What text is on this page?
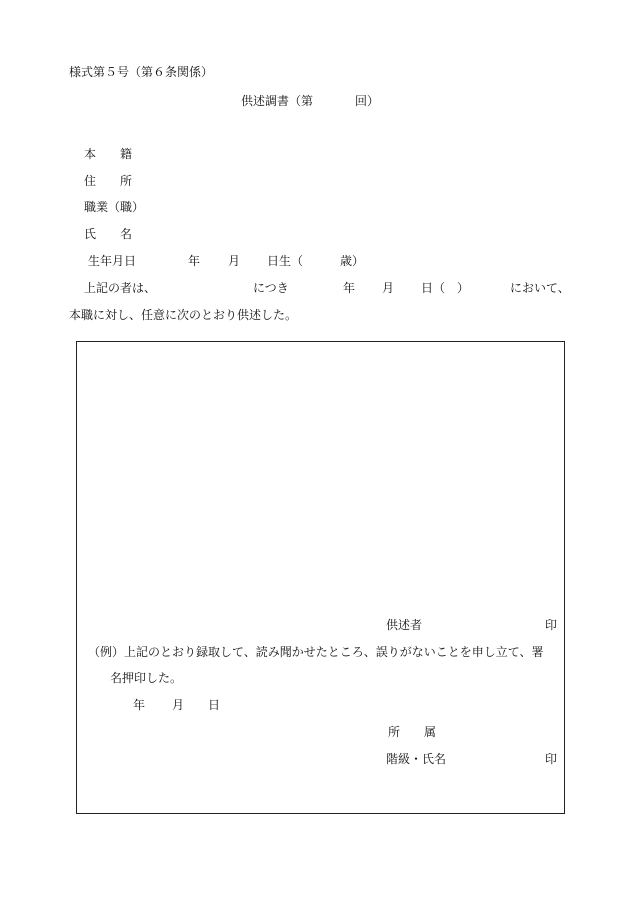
様式第５号（第６条関係）
供述調書（第	回）
本　　籍
住　　所
職業（職）
氏　　名
生年月日	年 月 日生（	歳）
上記の者は、	につき	年 月 日（　）	において、
本職に対し、任意に次のとおり供述した。
供述者	印
（例）上記のとおり録取して、読み聞かせたところ、誤りがないことを申し立て、署
名押印した。
年 月 日
所　　属
階級・氏名	印
